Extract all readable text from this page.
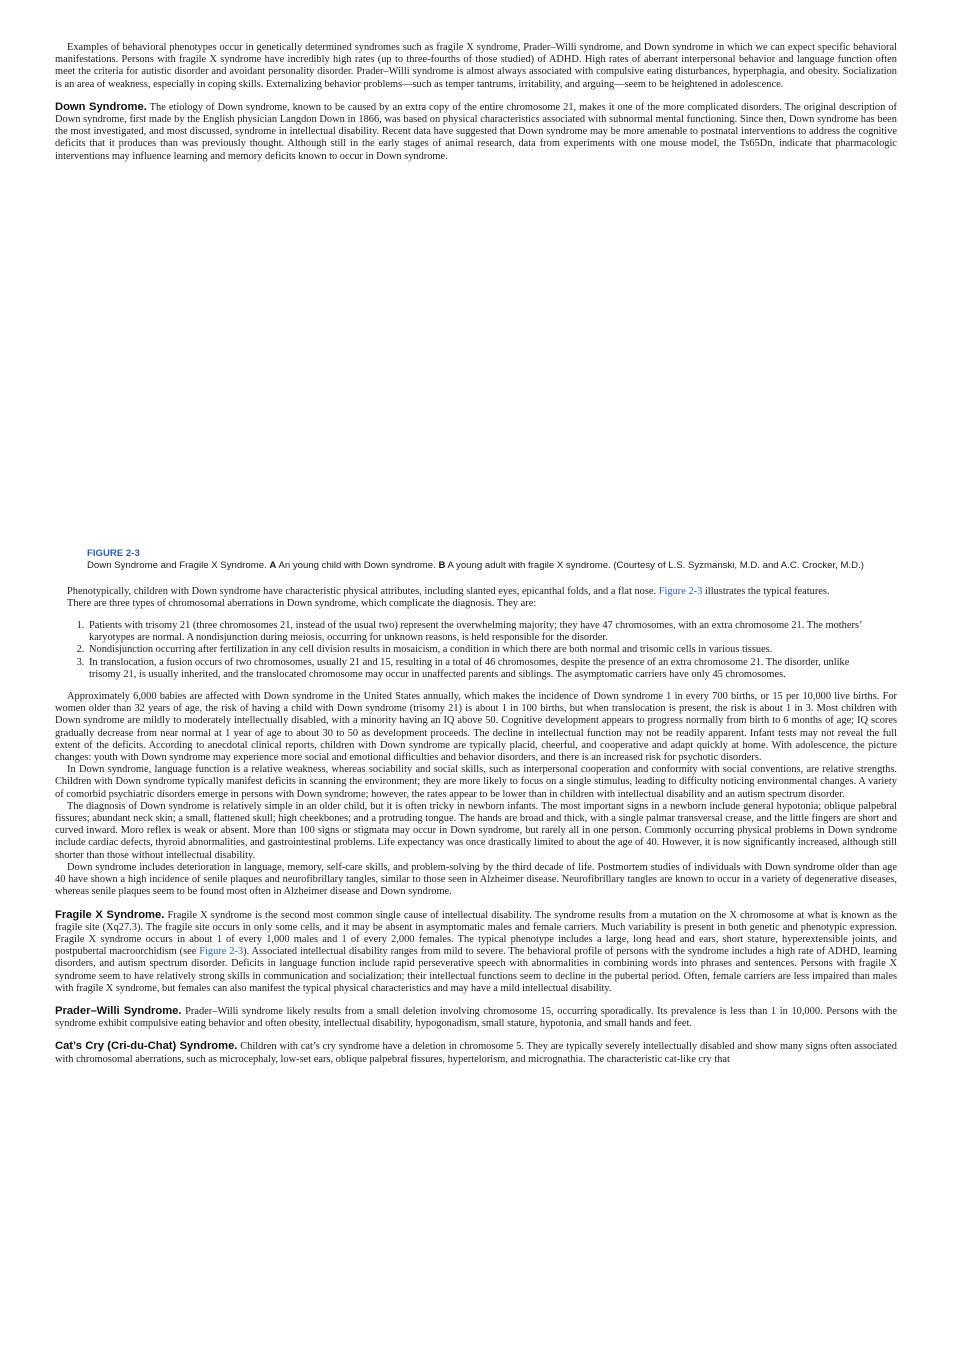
Examples of behavioral phenotypes occur in genetically determined syndromes such as fragile X syndrome, Prader–Willi syndrome, and Down syndrome in which we can expect specific behavioral manifestations. Persons with fragile X syndrome have incredibly high rates (up to three-fourths of those studied) of ADHD. High rates of aberrant interpersonal behavior and language function often meet the criteria for autistic disorder and avoidant personality disorder. Prader–Willi syndrome is almost always associated with compulsive eating disturbances, hyperphagia, and obesity. Socialization is an area of weakness, especially in coping skills. Externalizing behavior problems—such as temper tantrums, irritability, and arguing—seem to be heightened in adolescence.

Down Syndrome. The etiology of Down syndrome, known to be caused by an extra copy of the entire chromosome 21, makes it one of the more complicated disorders. The original description of Down syndrome, first made by the English physician Langdon Down in 1866, was based on physical characteristics associated with subnormal mental functioning. Since then, Down syndrome has been the most investigated, and most discussed, syndrome in intellectual disability. Recent data have suggested that Down syndrome may be more amenable to postnatal interventions to address the cognitive deficits that it produces than was previously thought. Although still in the early stages of animal research, data from experiments with one mouse model, the Ts65Dn, indicate that pharmacologic interventions may influence learning and memory deficits known to occur in Down syndrome.

FIGURE 2-3
Down Syndrome and Fragile X Syndrome. A An young child with Down syndrome. B A young adult with fragile X syndrome. (Courtesy of L.S. Syzmanski, M.D. and A.C. Crocker, M.D.)

Phenotypically, children with Down syndrome have characteristic physical attributes, including slanted eyes, epicanthal folds, and a flat nose. Figure 2-3 illustrates the typical features.

There are three types of chromosomal aberrations in Down syndrome, which complicate the diagnosis. They are:

1. Patients with trisomy 21 (three chromosomes 21, instead of the usual two) represent the overwhelming majority; they have 47 chromosomes, with an extra chromosome 21. The mothers’ karyotypes are normal. A nondisjunction during meiosis, occurring for unknown reasons, is held responsible for the disorder.
2. Nondisjunction occurring after fertilization in any cell division results in mosaicism, a condition in which there are both normal and trisomic cells in various tissues.
3. In translocation, a fusion occurs of two chromosomes, usually 21 and 15, resulting in a total of 46 chromosomes, despite the presence of an extra chromosome 21. The disorder, unlike trisomy 21, is usually inherited, and the translocated chromosome may occur in unaffected parents and siblings. The asymptomatic carriers have only 45 chromosomes.

Approximately 6,000 babies are affected with Down syndrome in the United States annually, which makes the incidence of Down syndrome 1 in every 700 births, or 15 per 10,000 live births. For women older than 32 years of age, the risk of having a child with Down syndrome (trisomy 21) is about 1 in 100 births, but when translocation is present, the risk is about 1 in 3. Most children with Down syndrome are mildly to moderately intellectually disabled, with a minority having an IQ above 50. Cognitive development appears to progress normally from birth to 6 months of age; IQ scores gradually decrease from near normal at 1 year of age to about 30 to 50 as development proceeds. The decline in intellectual function may not be readily apparent. Infant tests may not reveal the full extent of the deficits. According to anecdotal clinical reports, children with Down syndrome are typically placid, cheerful, and cooperative and adapt quickly at home. With adolescence, the picture changes: youth with Down syndrome may experience more social and emotional difficulties and behavior disorders, and there is an increased risk for psychotic disorders.

In Down syndrome, language function is a relative weakness, whereas sociability and social skills, such as interpersonal cooperation and conformity with social conventions, are relative strengths. Children with Down syndrome typically manifest deficits in scanning the environment; they are more likely to focus on a single stimulus, leading to difficulty noticing environmental changes. A variety of comorbid psychiatric disorders emerge in persons with Down syndrome; however, the rates appear to be lower than in children with intellectual disability and an autism spectrum disorder.

The diagnosis of Down syndrome is relatively simple in an older child, but it is often tricky in newborn infants. The most important signs in a newborn include general hypotonia; oblique palpebral fissures; abundant neck skin; a small, flattened skull; high cheekbones; and a protruding tongue. The hands are broad and thick, with a single palmar transversal crease, and the little fingers are short and curved inward. Moro reflex is weak or absent. More than 100 signs or stigmata may occur in Down syndrome, but rarely all in one person. Commonly occurring physical problems in Down syndrome include cardiac defects, thyroid abnormalities, and gastrointestinal problems. Life expectancy was once drastically limited to about the age of 40. However, it is now significantly increased, although still shorter than those without intellectual disability.

Down syndrome includes deterioration in language, memory, self-care skills, and problem-solving by the third decade of life. Postmortem studies of individuals with Down syndrome older than age 40 have shown a high incidence of senile plaques and neurofibrillary tangles, similar to those seen in Alzheimer disease. Neurofibrillary tangles are known to occur in a variety of degenerative diseases, whereas senile plaques seem to be found most often in Alzheimer disease and Down syndrome.

Fragile X Syndrome. Fragile X syndrome is the second most common single cause of intellectual disability. The syndrome results from a mutation on the X chromosome at what is known as the fragile site (Xq27.3). The fragile site occurs in only some cells, and it may be absent in asymptomatic males and female carriers. Much variability is present in both genetic and phenotypic expression. Fragile X syndrome occurs in about 1 of every 1,000 males and 1 of every 2,000 females. The typical phenotype includes a large, long head and ears, short stature, hyperextensible joints, and postpubertal macroorchidism (see Figure 2-3). Associated intellectual disability ranges from mild to severe. The behavioral profile of persons with the syndrome includes a high rate of ADHD, learning disorders, and autism spectrum disorder. Deficits in language function include rapid perseverative speech with abnormalities in combining words into phrases and sentences. Persons with fragile X syndrome seem to have relatively strong skills in communication and socialization; their intellectual functions seem to decline in the pubertal period. Often, female carriers are less impaired than males with fragile X syndrome, but females can also manifest the typical physical characteristics and may have a mild intellectual disability.

Prader–Willi Syndrome. Prader–Willi syndrome likely results from a small deletion involving chromosome 15, occurring sporadically. Its prevalence is less than 1 in 10,000. Persons with the syndrome exhibit compulsive eating behavior and often obesity, intellectual disability, hypogonadism, small stature, hypotonia, and small hands and feet.

Cat’s Cry (Cri-du-Chat) Syndrome. Children with cat’s cry syndrome have a deletion in chromosome 5. They are typically severely intellectually disabled and show many signs often associated with chromosomal aberrations, such as microcephaly, low-set ears, oblique palpebral fissures, hypertelorism, and micrognathia. The characteristic cat-like cry that
